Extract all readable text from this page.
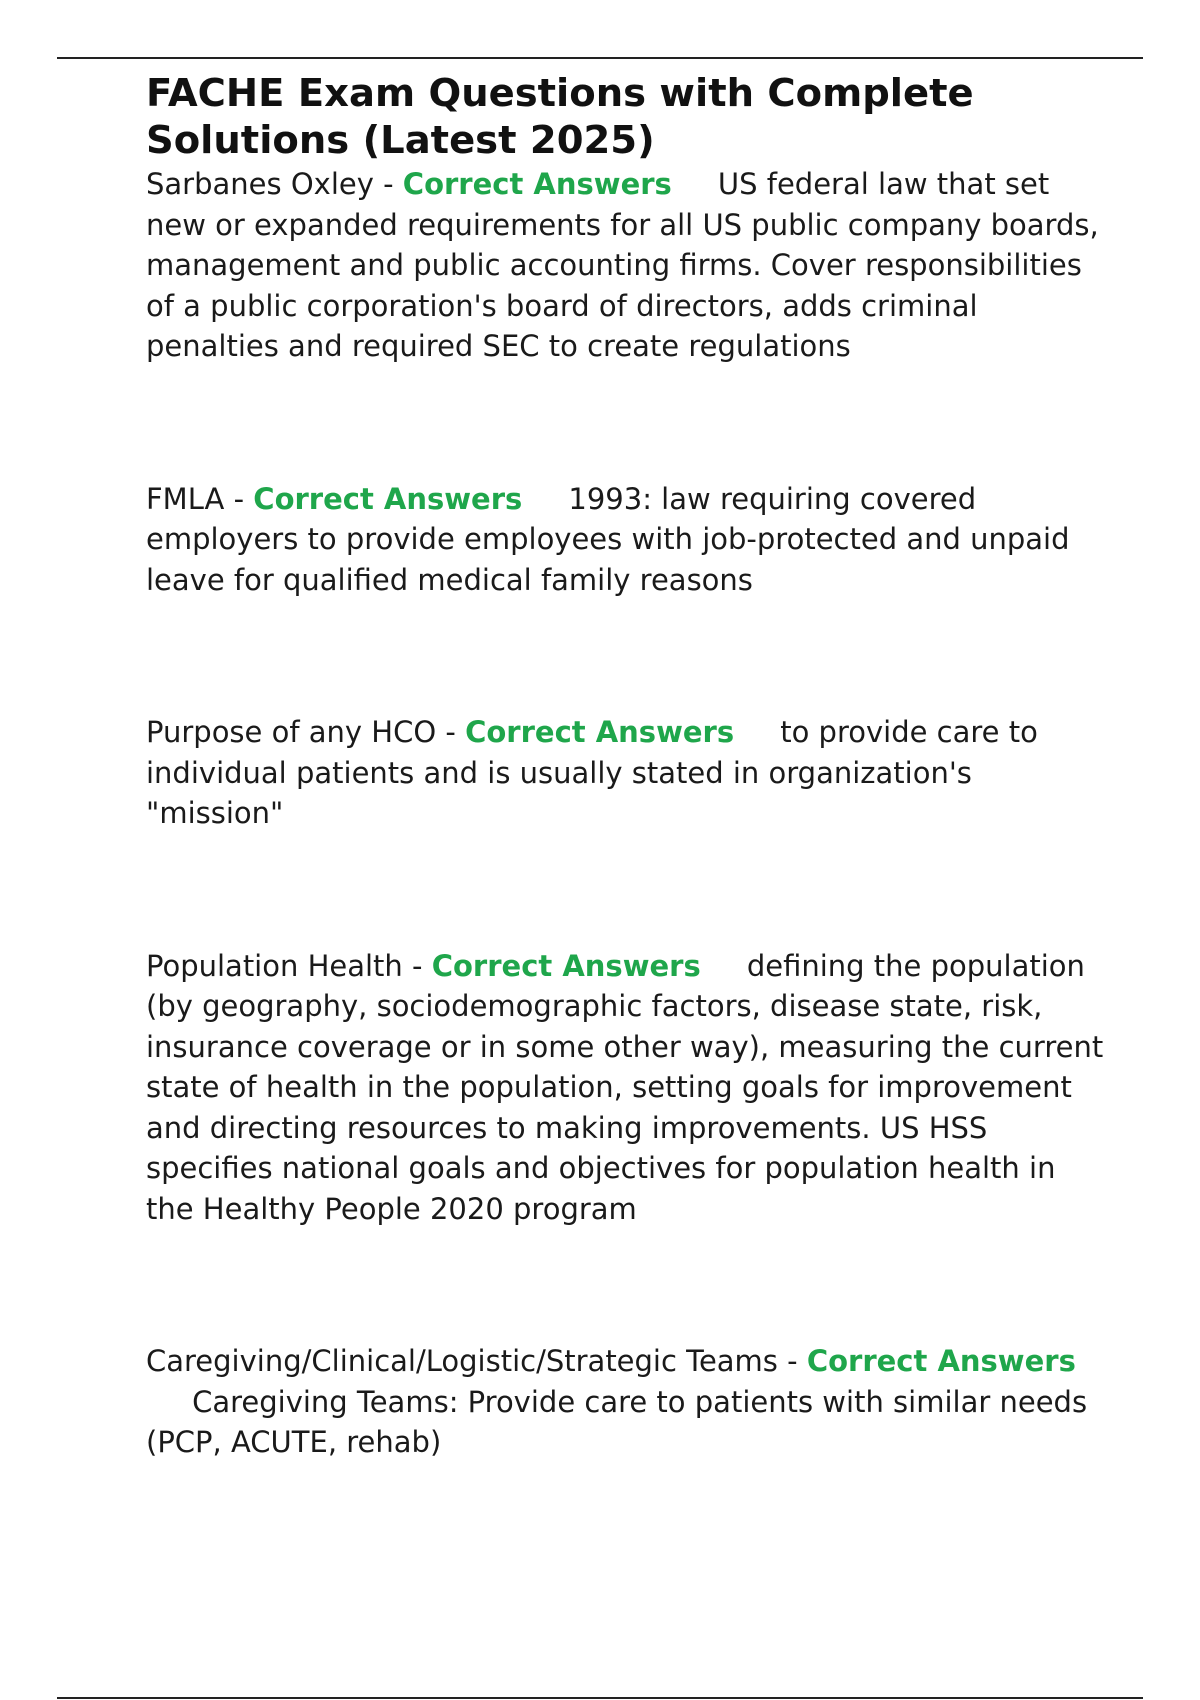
FACHE Exam Questions with Complete Solutions (Latest 2025)

Sarbanes Oxley - Correct Answers US federal law that set new or expanded requirements for all US public company boards, management and public accounting firms. Cover responsibilities of a public corporation's board of directors, adds criminal penalties and required SEC to create regulations

FMLA - Correct Answers 1993: law requiring covered employers to provide employees with job-protected and unpaid leave for qualified medical family reasons

Purpose of any HCO - Correct Answers to provide care to individual patients and is usually stated in organization's "mission"

Population Health - Correct Answers defining the population (by geography, sociodemographic factors, disease state, risk, insurance coverage or in some other way), measuring the current state of health in the population, setting goals for improvement and directing resources to making improvements. US HSS specifies national goals and objectives for population health in the Healthy People 2020 program

Caregiving/Clinical/Logistic/Strategic Teams - Correct Answers     Caregiving Teams: Provide care to patients with similar needs (PCP, ACUTE, rehab)
